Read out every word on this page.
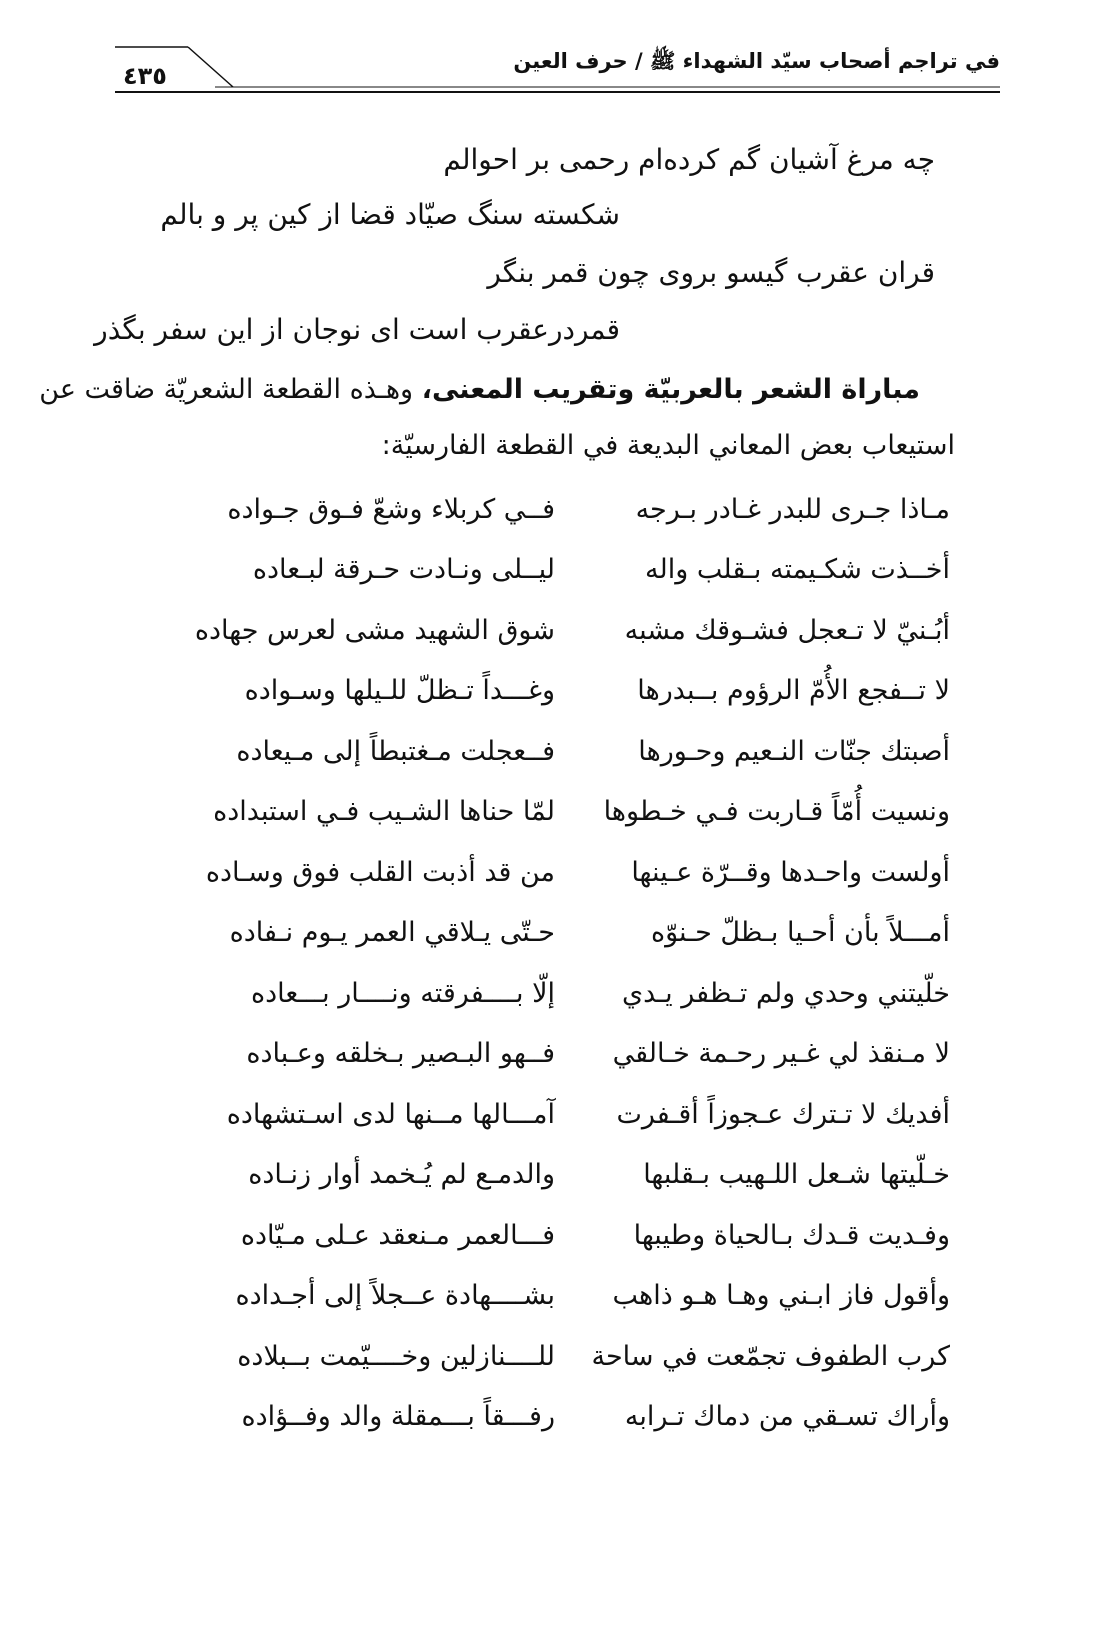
في تراجم أصحاب سيّد الشهداء ﷺ / حرف العين
٤٣٥
چه مرغ آشيان گم كرده‌ام رحمى بر احوالم
شكسته سنگ صيّاد قضا از كين پر و بالم
قران عقرب گيسو بروى چون قمر بنگر
قمردرعقرب است اى نوجان از اين سفر بگذر
مباراة الشعر بالعربيّة وتقريب المعنى، وهـذه القطعة الشعريّة ضاقت عن
استيعاب بعض المعاني البديعة في القطعة الفارسيّة:
مـاذا جـرى للبدر غـادر بـرجه
فــي كربلاء وشعّ فـوق جـواده
أخــذت شكـيمته بـقلب واله
ليــلى ونـادت حـرقة لبـعاده
أبُـنيّ لا تـعجل فشـوقك مشبه
شوق الشهيد مشى لعرس جهاده
لا تــفجع الأُمّ الرؤوم بــبدرها
وغـــداً تـظلّ للـيلها وسـواده
أصبتك جنّات النـعيم وحـورها
فــعجلت مـغتبطاً إلى مـيعاده
ونسيت أُمّاً قـاربت فـي خـطوها
لمّا حناها الشـيب فـي استبداده
أولست واحـدها وقــرّة عـينها
من قد أذبت القلب فوق وسـاده
أمـــلاً بأن أحـيا بـظلّ حـنوّه
حـتّى يـلاقي العمر يـوم نـفاده
خلّيتني وحدي ولم تـظفر يـدي
إلّا بــــفرقته ونــــار بـــعاده
لا مـنقذ لي غـير رحـمة خـالقي
فــهو البـصير بـخلقه وعـباده
أفديك لا تـترك عـجوزاً أقـفرت
آمـــالها مــنها لدى اسـتشهاده
خـلّيتها شـعل اللـهيب بـقلبها
والدمـع لم يُـخمد أوار زنـاده
وفـديت قـدك بـالحياة وطيبها
فـــالعمر مـنعقد عـلى مـيّاده
وأقول فاز ابـني وهـا هـو ذاهب
بشــــهادة عــجلاً إلى أجـداده
كرب الطفوف تجمّعت في ساحة
للــــنازلين وخــــيّمت بــبلاده
وأراك تسـقي من دماك تـرابه
رفـــقاً بـــمقلة والد وفــؤاده
